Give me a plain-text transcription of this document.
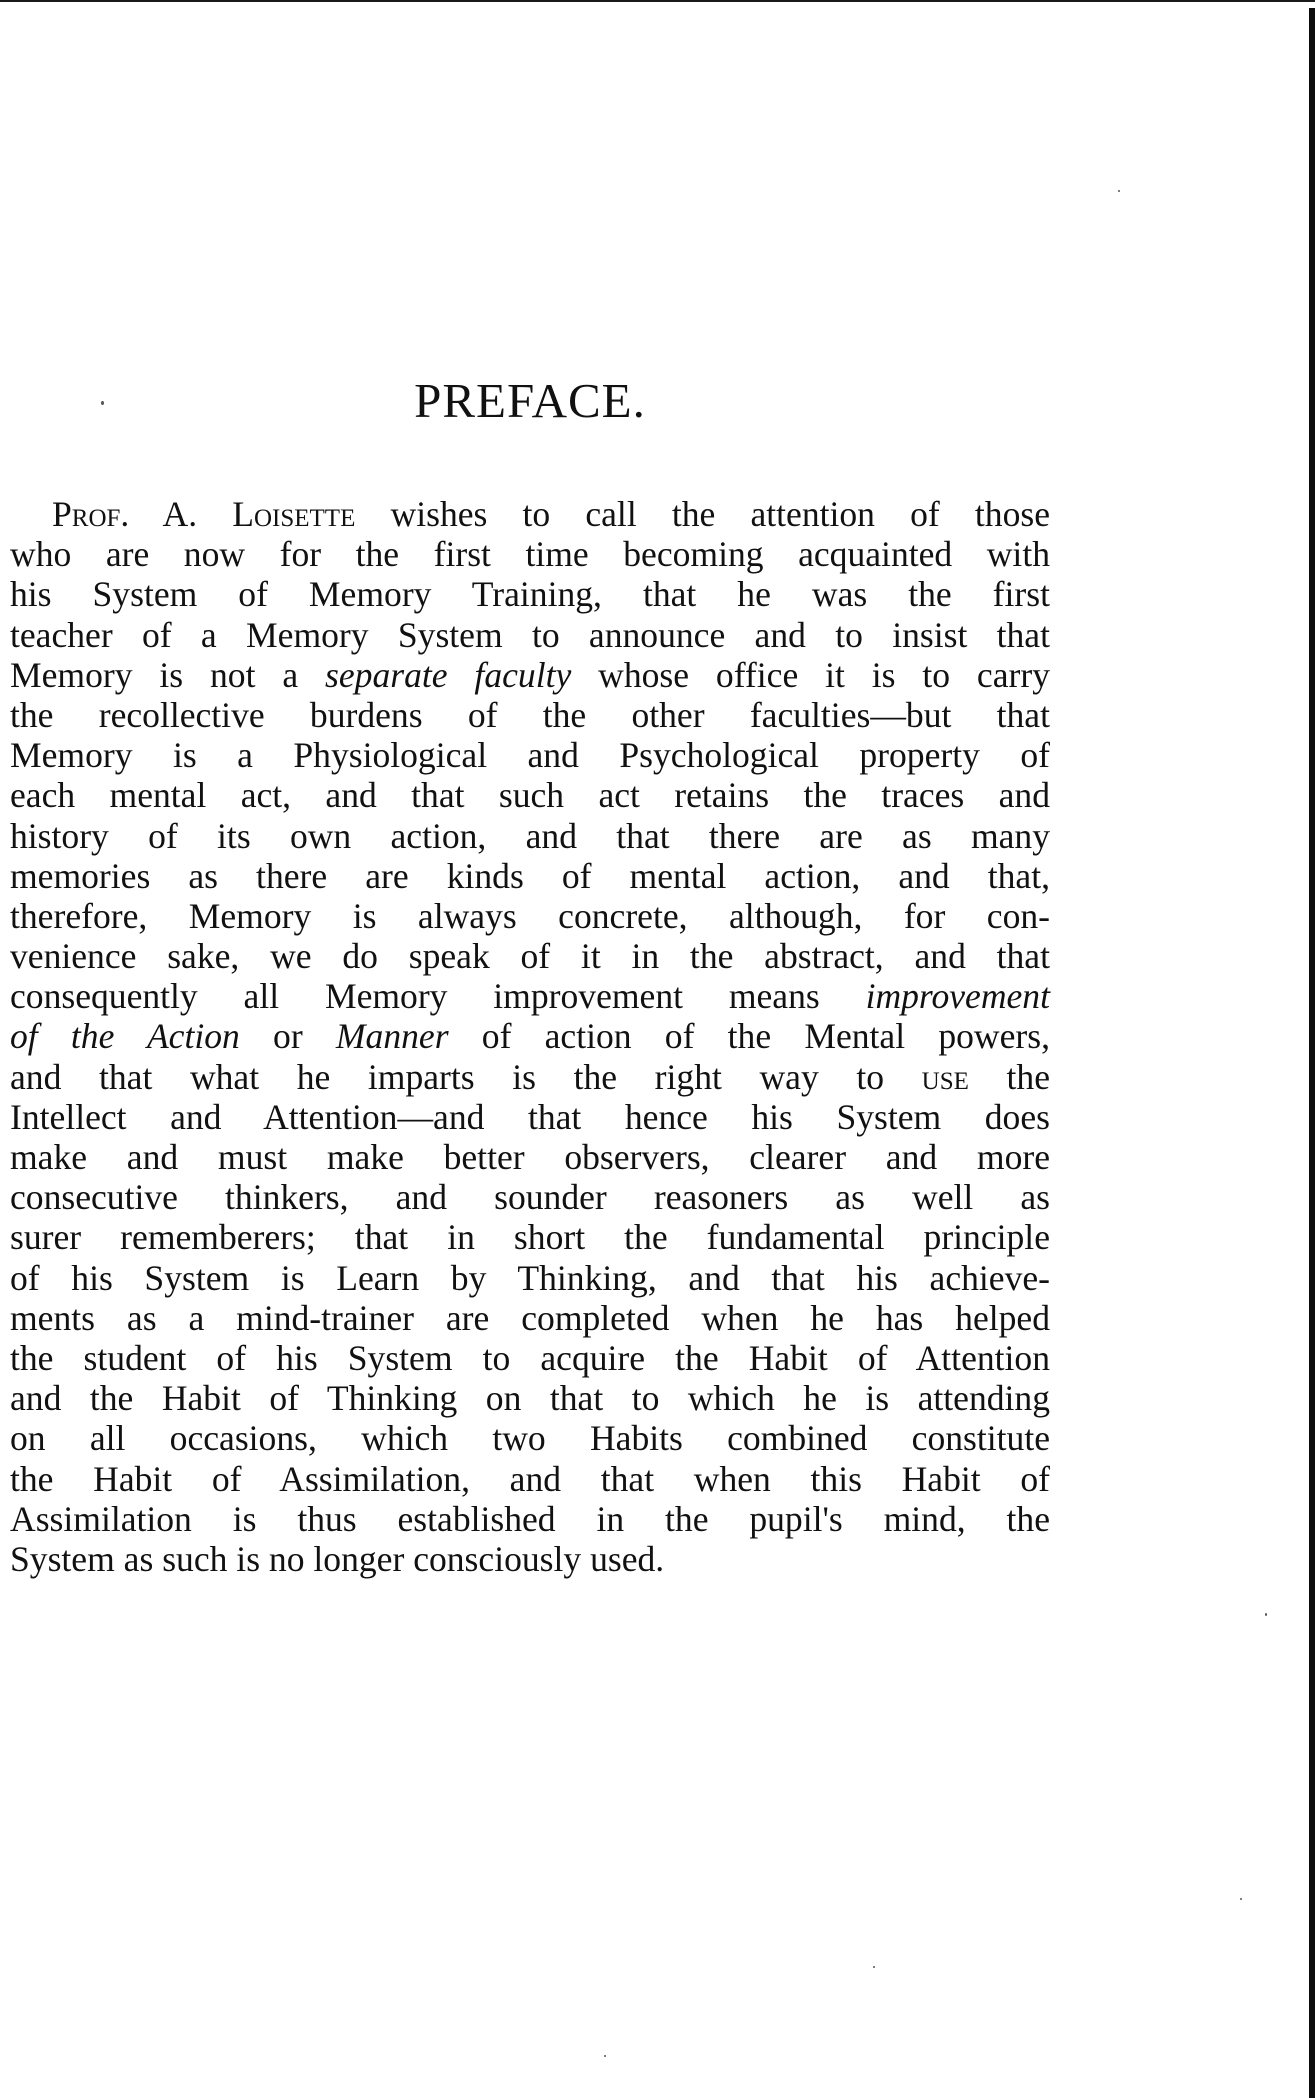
PREFACE.
Prof. A. Loisette wishes to call the attention of those
who are now for the first time becoming acquainted with
his System of Memory Training, that he was the first
teacher of a Memory System to announce and to insist that
Memory is not a separate faculty whose office it is to carry
the recollective burdens of the other faculties—but that
Memory is a Physiological and Psychological property of
each mental act, and that such act retains the traces and
history of its own action, and that there are as many
memories as there are kinds of mental action, and that,
therefore, Memory is always concrete, although, for con-
venience sake, we do speak of it in the abstract, and that
consequently all Memory improvement means improvement
of the Action or Manner of action of the Mental powers,
and that what he imparts is the right way to use the
Intellect and Attention—and that hence his System does
make and must make better observers, clearer and more
consecutive thinkers, and sounder reasoners as well as
surer rememberers; that in short the fundamental principle
of his System is Learn by Thinking, and that his achieve-
ments as a mind-trainer are completed when he has helped
the student of his System to acquire the Habit of Attention
and the Habit of Thinking on that to which he is attending
on all occasions, which two Habits combined constitute
the Habit of Assimilation, and that when this Habit of
Assimilation is thus established in the pupil's mind, the
System as such is no longer consciously used.
